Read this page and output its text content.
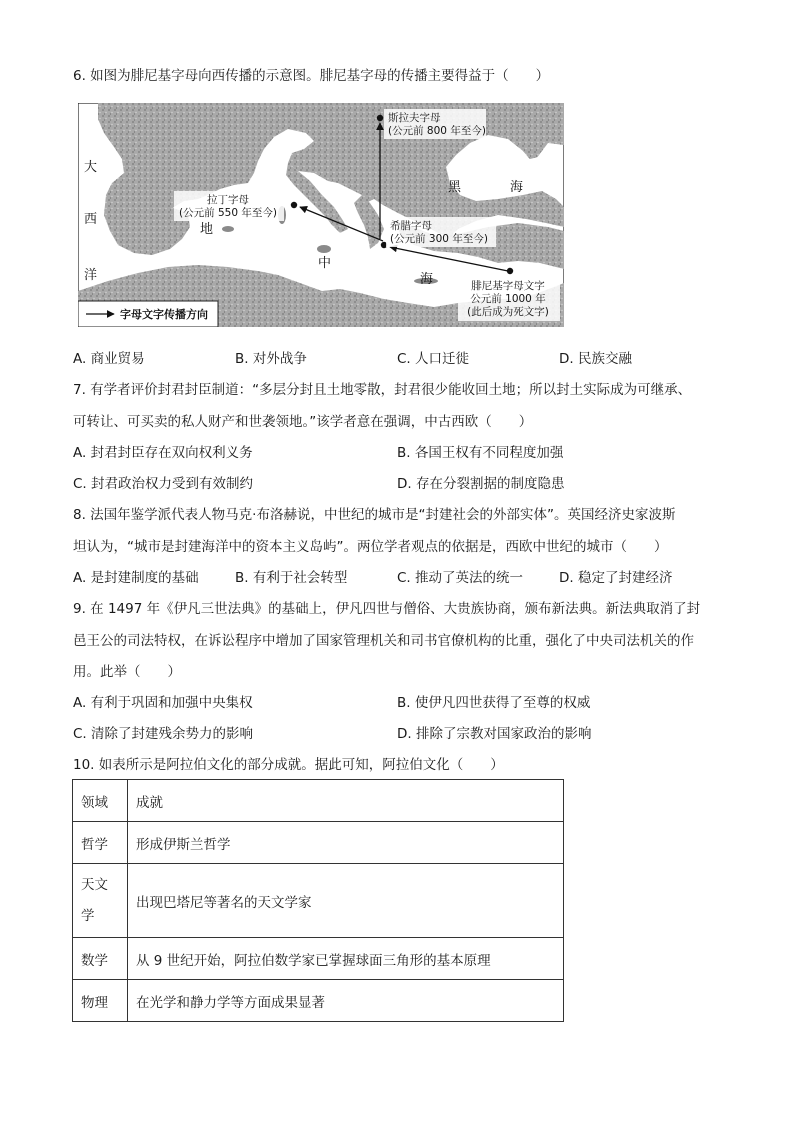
6. 如图为腓尼基字母向西传播的示意图。腓尼基字母的传播主要得益于（　　）
斯拉夫字母
(公元前 800 年至今)
拉丁字母
(公元前 550 年至今)
希腊字母
(公元前 300 年至今)
腓尼基字母文字
公元前 1000 年
(此后成为死文字)
大
西
洋
地
中
海
黑	海
字母文字传播方向
A. 商业贸易	B. 对外战争	C. 人口迁徙	D. 民族交融
7. 有学者评价封君封臣制道：“多层分封且土地零散，封君很少能收回土地；所以封土实际成为可继承、
可转让、可买卖的私人财产和世袭领地。”该学者意在强调，中古西欧（　　）
A. 封君封臣存在双向权利义务	B. 各国王权有不同程度加强
C. 封君政治权力受到有效制约	D. 存在分裂割据的制度隐患
8. 法国年鉴学派代表人物马克·布洛赫说，中世纪的城市是“封建社会的外部实体”。英国经济史家波斯
坦认为，“城市是封建海洋中的资本主义岛屿”。两位学者观点的依据是，西欧中世纪的城市（　　）
A. 是封建制度的基础	B. 有利于社会转型	C. 推动了英法的统一	D. 稳定了封建经济
9. 在 1497 年《伊凡三世法典》的基础上，伊凡四世与僧俗、大贵族协商，颁布新法典。新法典取消了封
邑王公的司法特权，在诉讼程序中增加了国家管理机关和司书官僚机构的比重，强化了中央司法机关的作
用。此举（　　）
A. 有利于巩固和加强中央集权	B. 使伊凡四世获得了至尊的权威
C. 清除了封建残余势力的影响	D. 排除了宗教对国家政治的影响
10. 如表所示是阿拉伯文化的部分成就。据此可知，阿拉伯文化（　　）
领域	成就
哲学	形成伊斯兰哲学

天文
学	出现巴塔尼等著名的天文学家
数学	从 9 世纪开始，阿拉伯数学家已掌握球面三角形的基本原理
物理	在光学和静力学等方面成果显著
